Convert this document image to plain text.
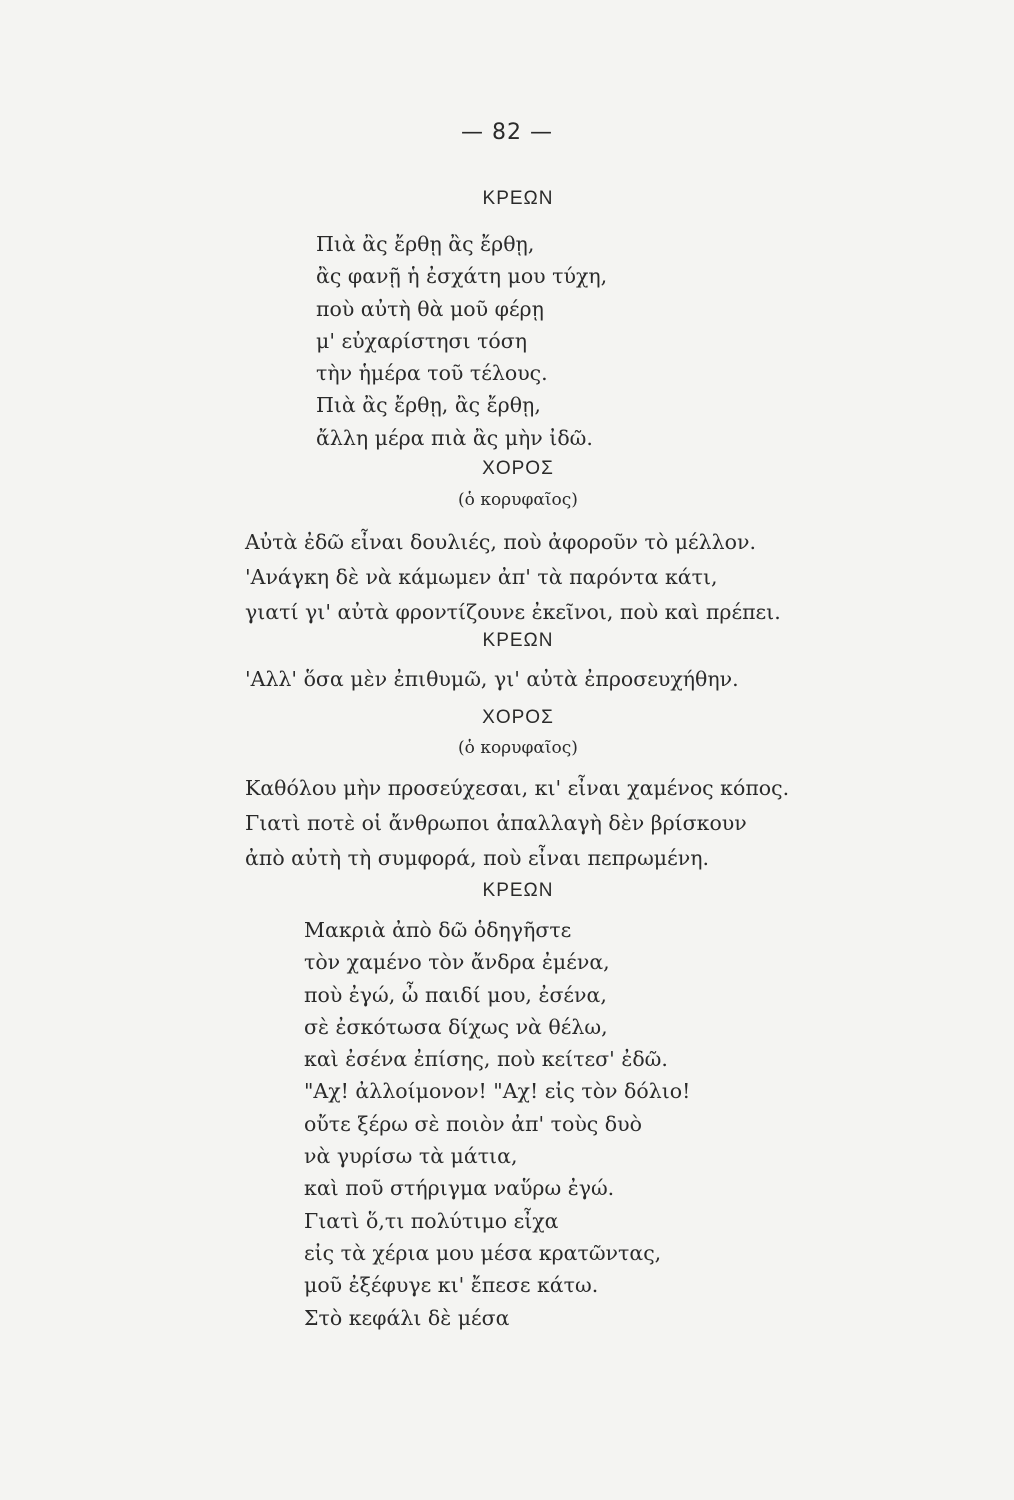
— 82 —
ΚΡΕΩΝ
Πιὰ ἂς ἔρθῃ ἂς ἔρθῃ,
ἂς φανῇ ἡ ἐσχάτη μου τύχη,
ποὺ αὐτὴ θὰ μοῦ φέρῃ
μ' εὐχαρίστησι τόση
τὴν ἡμέρα τοῦ τέλους.
Πιὰ ἂς ἔρθῃ, ἂς ἔρθῃ,
ἄλλη μέρα πιὰ ἂς μὴν ἰδῶ.
ΧΟΡΟΣ
(ὁ κορυφαῖος)
Αὐτὰ ἐδῶ εἶναι δουλιές, ποὺ ἀφοροῦν τὸ μέλλον.
'Ανάγκη δὲ νὰ κάμωμεν ἀπ' τὰ παρόντα κάτι,
γιατί γι' αὐτὰ φροντίζουνε ἐκεῖνοι, ποὺ καὶ πρέπει.
ΚΡΕΩΝ
'Αλλ' ὅσα μὲν ἐπιθυμῶ, γι' αὐτὰ ἐπροσευχήθην.
ΧΟΡΟΣ
(ὁ κορυφαῖος)
Καθόλου μὴν προσεύχεσαι, κι' εἶναι χαμένος κόπος.
Γιατὶ ποτὲ οἱ ἄνθρωποι ἀπαλλαγὴ δὲν βρίσκουν
ἀπὸ αὐτὴ τὴ συμφορά, ποὺ εἶναι πεπρωμένη.
ΚΡΕΩΝ
Μακριὰ ἀπὸ δῶ ὁδηγῆστε
τὸν χαμένο τὸν ἄνδρα ἐμένα,
ποὺ ἐγώ, ὦ παιδί μου, ἐσένα,
σὲ ἐσκότωσα δίχως νὰ θέλω,
καὶ ἐσένα ἐπίσης, ποὺ κείτεσ' ἐδῶ.
"Αχ! ἀλλοίμονον! "Αχ! εἰς τὸν δόλιο!
οὔτε ξέρω σὲ ποιὸν ἀπ' τοὺς δυὸ
νὰ γυρίσω τὰ μάτια,
καὶ ποῦ στήριγμα ναὕρω ἐγώ.
Γιατὶ ὅ,τι πολύτιμο εἶχα
εἰς τὰ χέρια μου μέσα κρατῶντας,
μοῦ ἐξέφυγε κι' ἔπεσε κάτω.
Στὸ κεφάλι δὲ μέσα
